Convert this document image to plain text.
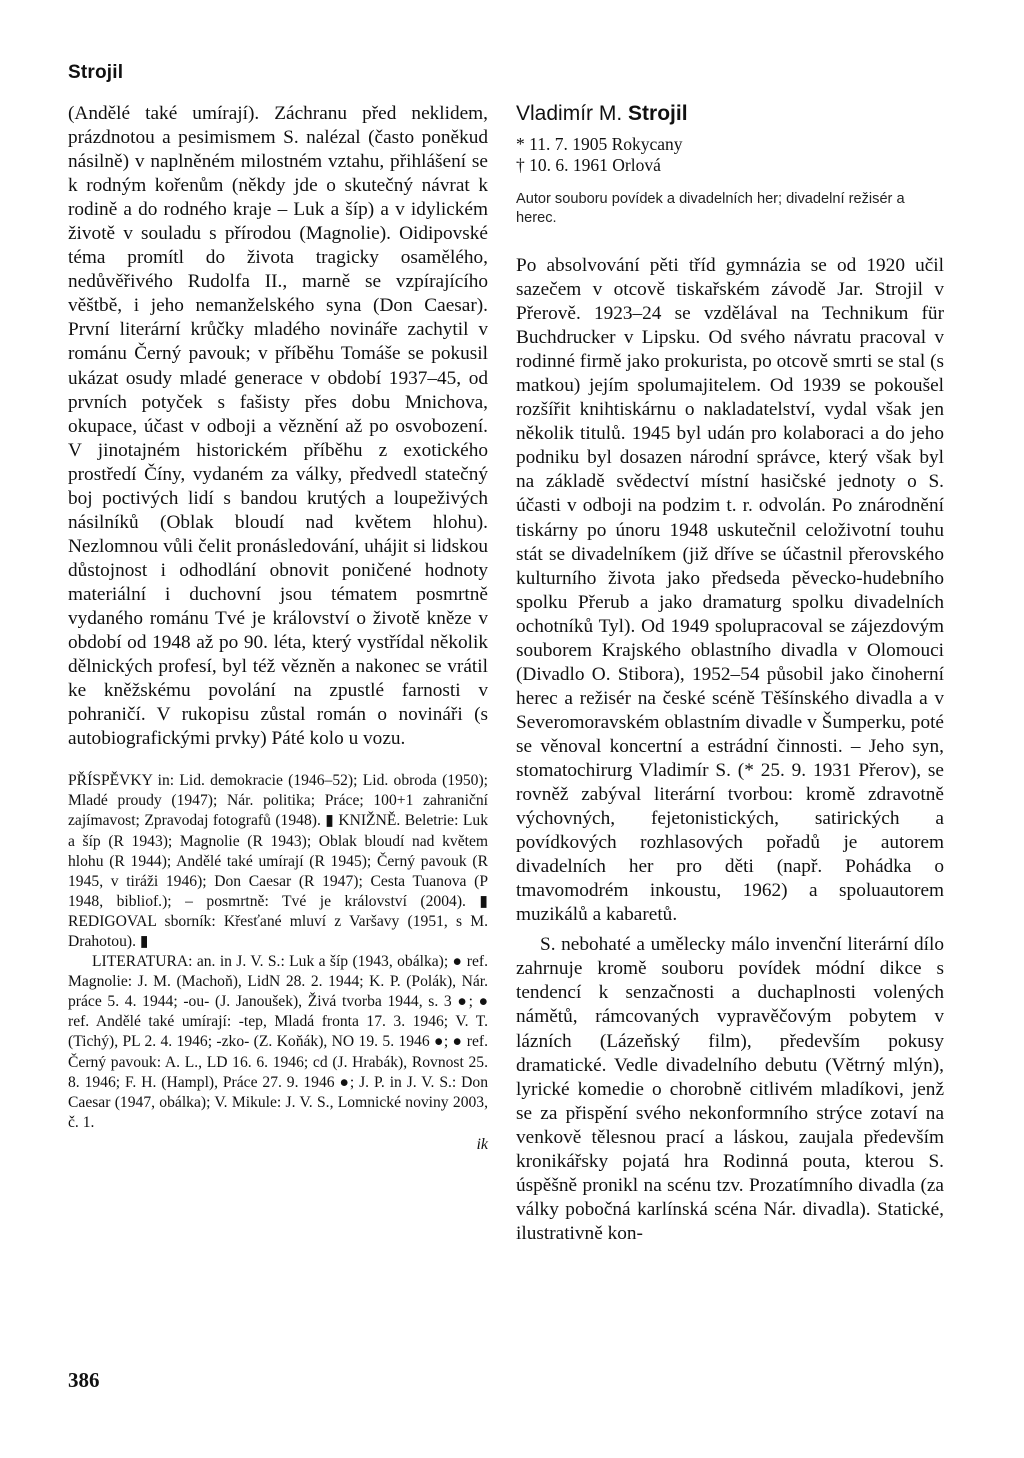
Strojil

(Andělé také umírají). Záchranu před neklidem, prázdnotou a pesimismem S. nalézal (často poněkud násilně) v naplněném milostném vztahu, přihlášení se k rodným kořenům (někdy jde o skutečný návrat k rodině a do rodného kraje – Luk a šíp) a v idylickém životě v souladu s přírodou (Magnolie). Oidipovské téma promítl do života tragicky osamělého, nedůvěřivého Rudolfa II., marně se vzpírajícího věštbě, i jeho nemanželského syna (Don Caesar). První literární krůčky mladého novináře zachytil v románu Černý pavouk; v příběhu Tomáše se pokusil ukázat osudy mladé generace v období 1937–45, od prvních potyček s fašisty přes dobu Mnichova, okupace, účast v odboji a věznění až po osvobození. V jinotajném historickém příběhu z exotického prostředí Číny, vydaném za války, předvedl statečný boj poctivých lidí s bandou krutých a loupeživých násilníků (Oblak bloudí nad květem hlohu). Nezlomnou vůli čelit pronásledování, uhájit si lidskou důstojnost i odhodlání obnovit poničené hodnoty materiální i duchovní jsou tématem posmrtně vydaného románu Tvé je království o životě kněze v období od 1948 až po 90. léta, který vystřídal několik dělnických profesí, byl též vězněn a nakonec se vrátil ke kněžskému povolání na zpustlé farnosti v pohraničí. V rukopisu zůstal román o novináři (s autobiografickými prvky) Páté kolo u vozu.

PŘÍSPĚVKY in: Lid. demokracie (1946–52); Lid. obroda (1950); Mladé proudy (1947); Nár. politika; Práce; 100+1 zahraniční zajímavost; Zpravodaj fotografů (1948). ▮ KNIŽNĚ. Beletrie: Luk a šíp (R 1943); Magnolie (R 1943); Oblak bloudí nad květem hlohu (R 1944); Andělé také umírají (R 1945); Černý pavouk (R 1945, v tiráži 1946); Don Caesar (R 1947); Cesta Tuanova (P 1948, bibliof.); – posmrtně: Tvé je království (2004). ▮ REDIGOVAL sborník: Křesťané mluví z Varšavy (1951, s M. Drahotou). ▮

LITERATURA: an. in J. V. S.: Luk a šíp (1943, obálka); ● ref. Magnolie: J. M. (Machoň), LidN 28. 2. 1944; K. P. (Polák), Nár. práce 5. 4. 1944; -ou- (J. Janoušek), Živá tvorba 1944, s. 3 ●; ● ref. Andělé také umírají: -tep, Mladá fronta 17. 3. 1946; V. T. (Tichý), PL 2. 4. 1946; -zko- (Z. Koňák), NO 19. 5. 1946 ●; ● ref. Černý pavouk: A. L., LD 16. 6. 1946; cd (J. Hrabák), Rovnost 25. 8. 1946; F. H. (Hampl), Práce 27. 9. 1946 ●; J. P. in J. V. S.: Don Caesar (1947, obálka); V. Mikule: J. V. S., Lomnické noviny 2003, č. 1.

ik
Vladimír M. Strojil

* 11. 7. 1905 Rokycany

† 10. 6. 1961 Orlová

Autor souboru povídek a divadelních her; divadelní režisér a herec.

Po absolvování pěti tříd gymnázia se od 1920 učil sazečem v otcově tiskařském závodě Jar. Strojil v Přerově. 1923–24 se vzdělával na Technikum für Buchdrucker v Lipsku. Od svého návratu pracoval v rodinné firmě jako prokurista, po otcově smrti se stal (s matkou) jejím spolumajitelem. Od 1939 se pokoušel rozšířit knihtiskárnu o nakladatelství, vydal však jen několik titulů. 1945 byl udán pro kolaboraci a do jeho podniku byl dosazen národní správce, který však byl na základě svědectví místní hasičské jednoty o S. účasti v odboji na podzim t. r. odvolán. Po znárodnění tiskárny po únoru 1948 uskutečnil celoživotní touhu stát se divadelníkem (již dříve se účastnil přerovského kulturního života jako předseda pěvecko-hudebního spolku Přerub a jako dramaturg spolku divadelních ochotníků Tyl). Od 1949 spolupracoval se zájezdovým souborem Krajského oblastního divadla v Olomouci (Divadlo O. Stibora), 1952–54 působil jako činoherní herec a režisér na české scéně Těšínského divadla a v Severomoravském oblastním divadle v Šumperku, poté se věnoval koncertní a estrádní činnosti. – Jeho syn, stomatochirurg Vladimír S. (* 25. 9. 1931 Přerov), se rovněž zabýval literární tvorbou: kromě zdravotně výchovných, fejetonistických, satirických a povídkových rozhlasových pořadů je autorem divadelních her pro děti (např. Pohádka o tmavomodrém inkoustu, 1962) a spoluautorem muzikálů a kabaretů.

S. nebohaté a umělecky málo invenční literární dílo zahrnuje kromě souboru povídek módní dikce s tendencí k senzačnosti a duchaplnosti volených námětů, rámcovaných vypravěčovým pobytem v lázních (Lázeňský film), především pokusy dramatické. Vedle divadelního debutu (Větrný mlýn), lyrické komedie o chorobně citlivém mladíkovi, jenž se za přispění svého nekonformního strýce zotaví na venkově tělesnou prací a láskou, zaujala především kronikářsky pojatá hra Rodinná pouta, kterou S. úspěšně pronikl na scénu tzv. Prozatímního divadla (za války pobočná karlínská scéna Nár. divadla). Statické, ilustrativně kon-

386
